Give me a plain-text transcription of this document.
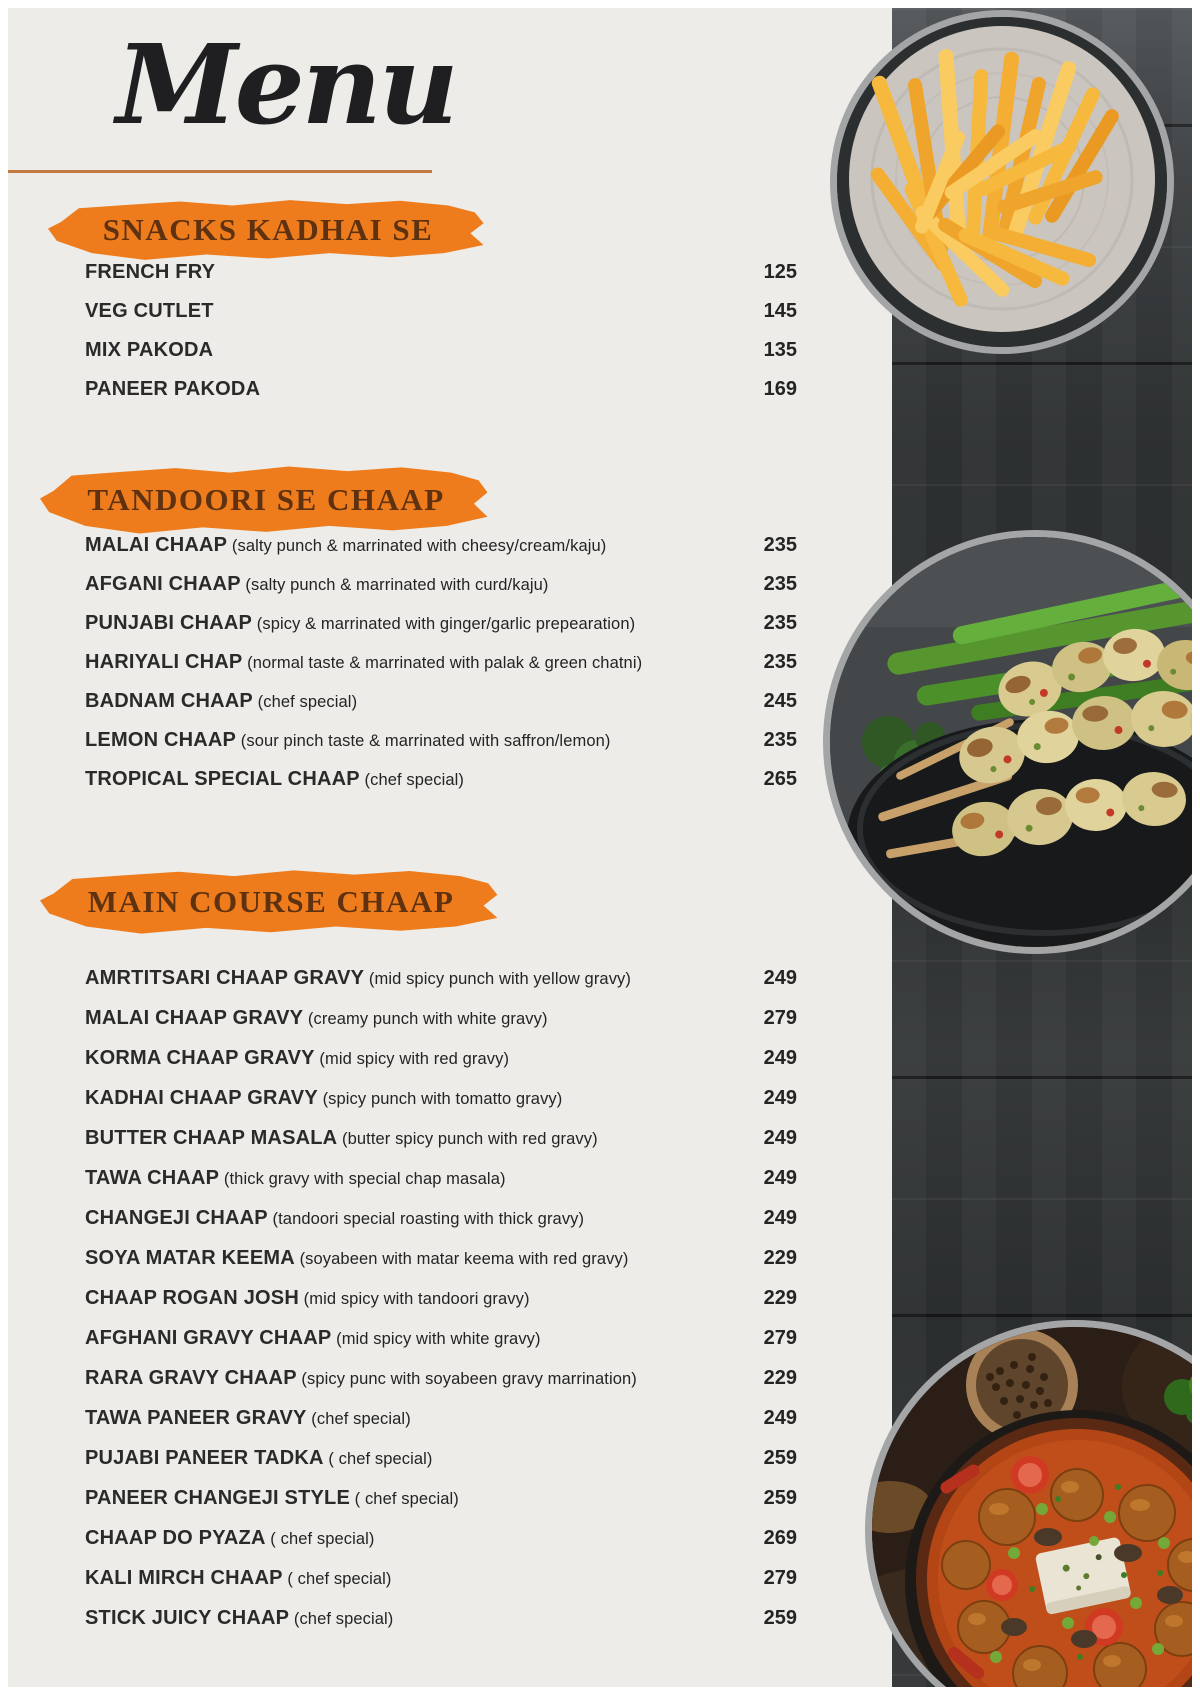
Menu
SNACKS KADHAI SE
FRENCH FRY	125
VEG CUTLET	145
MIX PAKODA	135
PANEER PAKODA	169
TANDOORI SE CHAAP
MALAI CHAAP (salty punch & marrinated with cheesy/cream/kaju)	235
AFGANI CHAAP (salty punch & marrinated with curd/kaju)	235
PUNJABI CHAAP (spicy & marrinated with ginger/garlic prepearation)	235
HARIYALI CHAP (normal taste & marrinated with palak & green chatni)	235
BADNAM CHAAP (chef special)	245
LEMON CHAAP (sour pinch taste & marrinated with saffron/lemon)	235
TROPICAL SPECIAL CHAAP (chef special)	265
MAIN COURSE CHAAP
AMRTITSARI CHAAP GRAVY (mid spicy punch with yellow gravy)	249
MALAI CHAAP GRAVY (creamy punch with white gravy)	279
KORMA CHAAP GRAVY (mid spicy with red gravy)	249
KADHAI CHAAP GRAVY (spicy punch with tomatto gravy)	249
BUTTER CHAAP MASALA (butter spicy punch with red gravy)	249
TAWA CHAAP (thick gravy with special chap masala)	249
CHANGEJI CHAAP (tandoori special roasting with thick gravy)	249
SOYA MATAR KEEMA (soyabeen with matar keema with red gravy)	229
CHAAP ROGAN JOSH (mid spicy with tandoori gravy)	229
AFGHANI GRAVY CHAAP (mid spicy with white gravy)	279
RARA GRAVY CHAAP (spicy punc with soyabeen gravy marrination)	229
TAWA PANEER GRAVY (chef special)	249
PUJABI PANEER TADKA ( chef special)	259
PANEER CHANGEJI STYLE ( chef special)	259
CHAAP DO PYAZA ( chef special)	269
KALI MIRCH CHAAP ( chef special)	279
STICK JUICY CHAAP (chef special)	259
